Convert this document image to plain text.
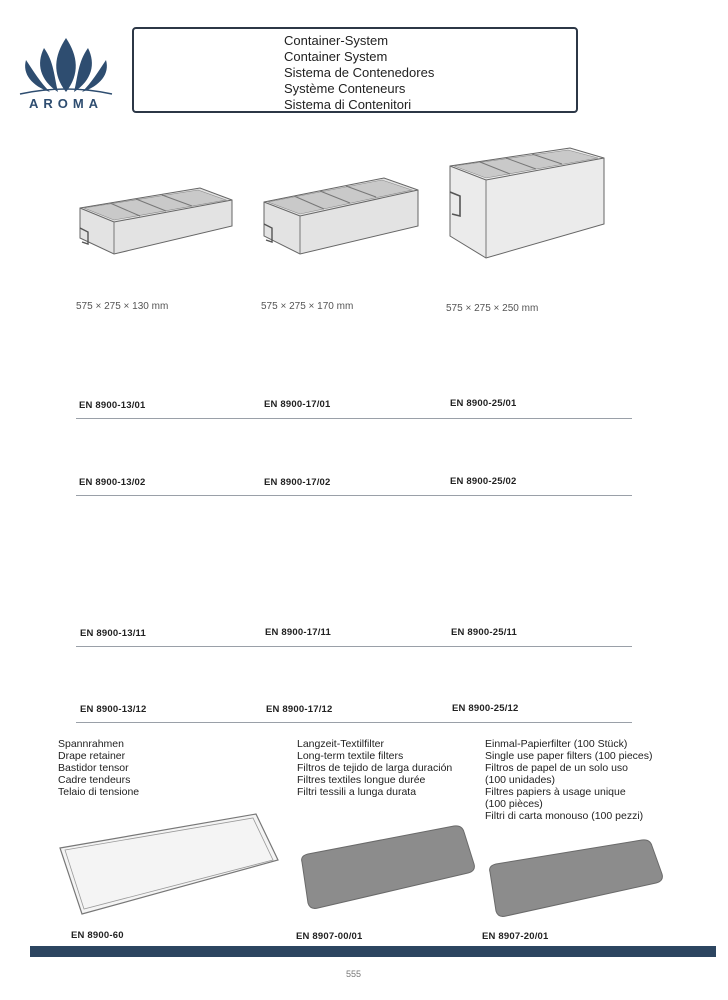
AROMA
Container-System
Container System
Sistema de Contenedores
Système Conteneurs
Sistema di Contenitori
575 × 275 × 130 mm	575 × 275 × 170 mm	575 × 275 × 250 mm
EN 8900-13/01	EN 8900-17/01	EN 8900-25/01
EN 8900-13/02	EN 8900-17/02	EN 8900-25/02
EN 8900-13/11	EN 8900-17/11	EN 8900-25/11
EN 8900-13/12	EN 8900-17/12	EN 8900-25/12
Spannrahmen
Drape retainer
Bastidor tensor
Cadre tendeurs
Telaio di tensione
EN 8900-60
Langzeit-Textilfilter
Long-term textile filters
Filtros de tejido de larga duración
Filtres textiles longue durée
Filtri tessili a lunga durata
EN 8907-00/01
Einmal-Papierfilter (100 Stück)
Single use paper filters (100 pieces)
Filtros de papel de un solo uso
(100 unidades)
Filtres papiers à usage unique
(100 pièces)
Filtri di carta monouso (100 pezzi)
EN 8907-20/01
555
